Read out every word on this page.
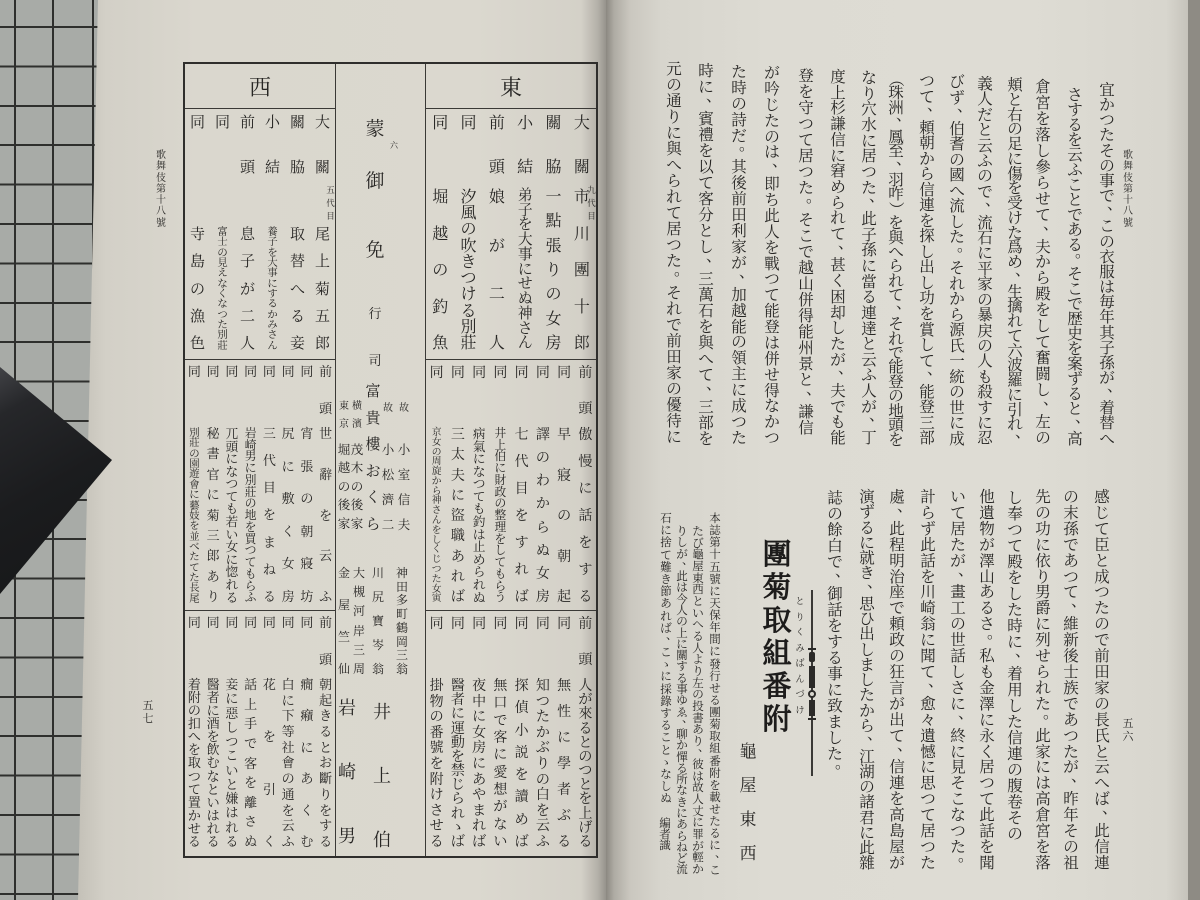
歌
舞
伎
第
十
八
號
五
七
西
大
關
五
代
目
尾
上
菊
五
郎
關
脇
取
替
へ
る
妾
小
結
養
子
を
大
事
に
す
る
か
み
さ
ん
前
頭
息
子
が
二
人
同
富
士
の
見
え
な
く
な
つ
た
別
莊
同
寺
島
の
漁
色
前
頭
世
辭
を
云
ふ
同
宵
張
の
朝
寢
坊
同
尻
に
敷
く
女
房
同
三
代
目
を
ま
ね
る
同
岩
崎
男
に
別
莊
の
地
を
買
つ
て
も
ら
ふ
同
兀
頭
に
な
つ
て
も
若
い
女
に
惚
れ
る
同
秘
書
官
に
菊
三
郎
あ
り
同
別
莊
の
園
遊
會
に
藝
妓
を
並
べ
た
て
た
長
尾
前
頭
朝
起
き
る
と
お
斷
り
を
す
る
同
癇
癪
に
あ
く
む
同
白
に
下
等
社
會
の
通
を
云
ふ
同
花
を
引
く
同
話
上
手
で
客
を
離
さ
ぬ
同
妾
に
惡
し
つ
こ
い
と
嫌
は
れ
る
同
醫
者
に
酒
を
飲
む
な
と
い
は
れ
る
同
着
附
の
扣
へ
を
取
つ
て
置
か
せ
る
蒙
六
御
免
行
司
富
貴
樓
お
く
ら
故
小
室
信
夫
故
小
松
濟
二
横
濱
茂
木
の
後
家
東
京
堀
越
の
後
家
神
田
多
町
鶴
岡
三
翁
川
尻
寶
岑
翁
大
槻
河
岸
三
周
金
屋
竺
仙
井
上
伯
岩
崎
男
東
大
關
九
代
目
市
川
團
十
郎
關
脇
一
點
張
り
の
女
房
小
結
弟
子
を
大
事
に
せ
ぬ
神
さ
ん
前
頭
娘
が
二
人
同
汐
風
の
吹
き
つ
け
る
別
莊
同
堀
越
の
釣
魚
前
頭
傲
慢
に
話
を
す
る
同
早
寢
の
朝
起
同
譯
の
わ
か
ら
ぬ
女
房
同
七
代
目
を
す
れ
ば
同
井
上
伯
に
財
政
の
整
理
を
し
て
も
ら
う
同
病
氣
に
な
つ
て
も
釣
は
止
め
ら
れ
ぬ
同
三
太
夫
に
盜
職
あ
れ
ば
同
京
女
の
周
旋
か
ら
神
さ
ん
を
し
く
じ
つ
た
女
寅
前
頭
人
が
來
る
と
の
つ
と
を
上
げ
る
同
無
性
に
學
者
ぶ
る
同
知
つ
た
か
ぶ
り
の
白
を
云
ふ
同
探
偵
小
説
を
讀
め
ば
同
無
口
で
客
に
愛
想
が
な
い
同
夜
中
に
女
房
に
あ
や
ま
れ
ば
同
醫
者
に
運
動
を
禁
じ
ら
れ
ゝ
ば
同
掛
物
の
番
號
を
附
け
さ
せ
る
歌
舞
伎
第
十
八
號
五
六
宜
か
つ
た
そ
の
事
で
、
こ
の
衣
服
は
毎
年
其
子
孫
が
、
着
替
へ
さ
す
る
を
云
ふ
こ
と
で
あ
る
。
そ
こ
で
歴
史
を
案
ず
る
と
、
高
倉
宮
を
落
し
參
ら
せ
て
、
夫
か
ら
殿
を
し
て
奮
闘
し
、
左
の
頬
と
右
の
足
に
傷
を
受
け
た
爲
め
、
生
擒
れ
て
六
波
羅
に
引
れ
、
義
人
だ
と
云
ふ
の
で
、
流
石
に
平
家
の
暴
戻
の
人
も
殺
す
に
忍
び
ず
、
伯
耆
の
國
へ
流
し
た
。
そ
れ
か
ら
源
氏
一
統
の
世
に
成
つ
て
、
頼
朝
か
ら
信
連
を
探
し
出
し
功
を
賞
し
て
、
能
登
三
部
（
珠
洲
、
鳳
至
、
羽
咋
）
を
與
へ
ら
れ
て
、
そ
れ
で
能
登
の
地
頭
を
な
り
穴
水
に
居
つ
た
、
此
子
孫
に
當
る
連
達
と
云
ふ
人
が
、
丁
度
上
杉
謙
信
に
窘
め
ら
れ
て
、
甚
く
困
却
し
た
が
、
夫
で
も
能
登
を
守
つ
て
居
つ
た
。
そ
こ
で
越
山
併
得
能
州
景
と
、
謙
信
が
吟
じ
た
の
は
、
即
ち
此
人
を
戰
つ
て
能
登
は
併
せ
得
な
か
つ
た
時
の
詩
だ
。
其
後
前
田
利
家
が
、
加
越
能
の
領
主
に
成
つ
た
時
に
、
賓
禮
を
以
て
客
分
と
し
、
三
萬
石
を
與
へ
て
、
三
部
を
元
の
通
り
に
與
へ
ら
れ
て
居
つ
た
。
そ
れ
で
前
田
家
の
優
待
に
感
じ
て
臣
と
成
つ
た
の
で
前
田
家
の
長
氏
と
云
へ
ば
、
此
信
連
の
末
孫
で
あ
つ
て
、
維
新
後
士
族
で
あ
つ
た
が
、
昨
年
そ
の
祖
先
の
功
に
依
り
男
爵
に
列
せ
ら
れ
た
。
此
家
に
は
高
倉
宮
を
落
し
奉
つ
て
殿
を
し
た
時
に
、
着
用
し
た
信
連
の
腹
卷
そ
の
他
遺
物
が
澤
山
あ
る
さ
。
私
も
金
澤
に
永
く
居
つ
て
此
話
を
聞
い
て
居
た
が
、
畫
工
の
世
話
し
さ
に
、
終
に
見
そ
こ
な
つ
た
。
計
ら
ず
此
話
を
川
崎
翁
に
聞
て
、
愈
々
遺
憾
に
思
つ
て
居
つ
た
處
、
此
程
明
治
座
で
頼
政
の
狂
言
が
出
て
、
信
連
を
高
島
屋
が
演
ず
る
に
就
き
、
思
ひ
出
し
ま
し
た
か
ら
、
江
湖
の
諸
君
に
此
雜
誌
の
餘
白
で
、
御
話
を
す
る
事
に
致
ま
し
た
。
團
菊
取
組
番
附
と
り
く
み
ば
ん
づ
け
龜
屋
東
西
本
誌
第
十
五
號
に
天
保
年
間
に
發
行
せ
る
團
菊
取
組
番
附
を
載
せ
た
る
に
、
こ
た
び
龜
屋
東
西
と
い
へ
る
人
よ
り
左
の
投
書
あ
り
、
彼
は
故
人
丈
に
罪
が
輕
か
り
し
が
、
此
は
今
人
の
上
に
關
す
る
事
ゆ
ゑ
、
聊
か
憚
る
所
な
き
に
あ
ら
ね
ど
流
石
に
捨
て
難
き
節
あ
れ
ば
、
こ
ゝ
に
採
錄
す
る
こ
と
ゝ
な
し
ぬ
編
者
識
